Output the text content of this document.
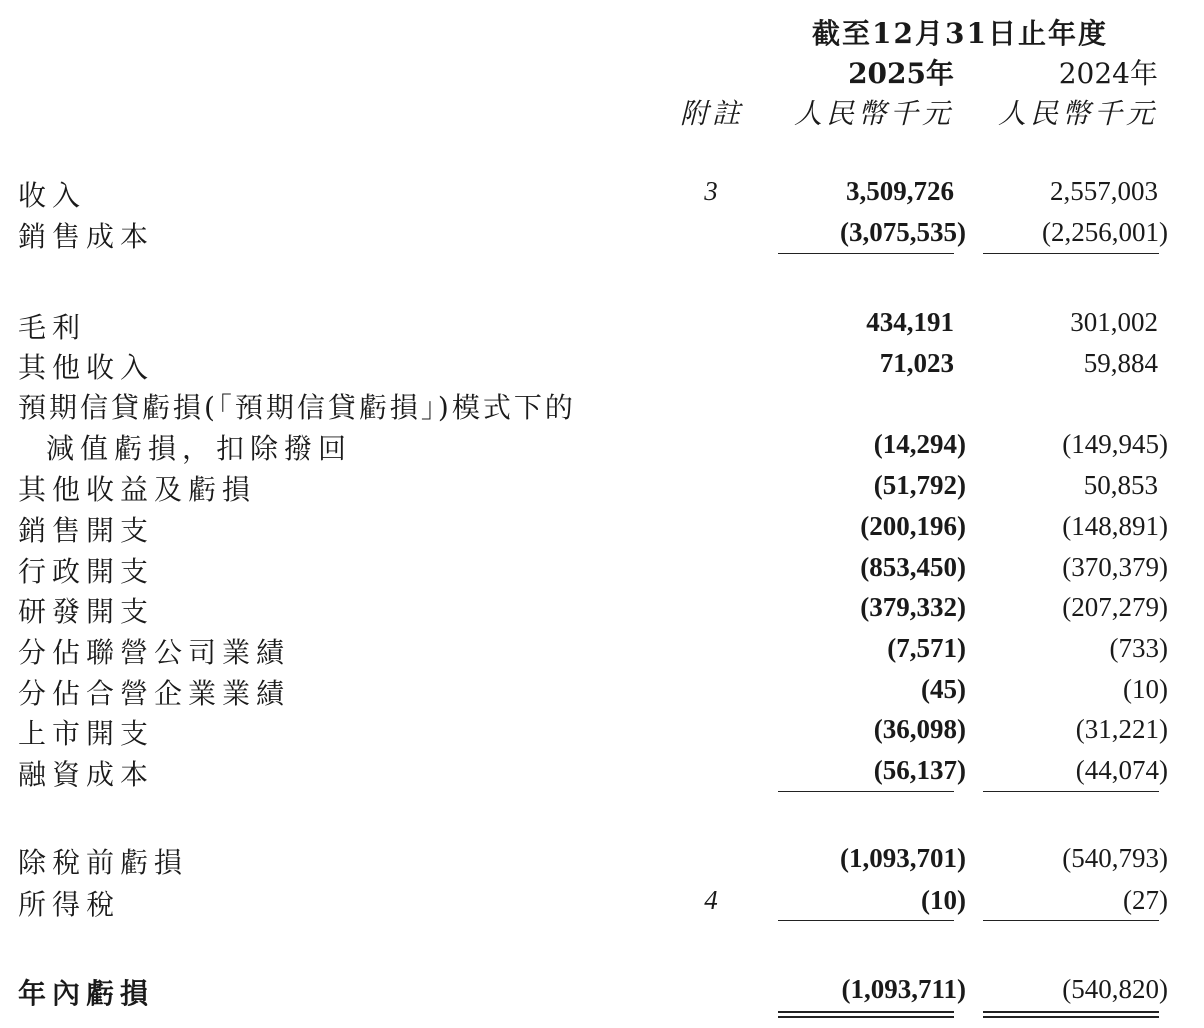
截至12月31日止年度
2025年	2024年
附註 人民幣千元 人民幣千元
收入	3	3,509,726	2,557,003
銷售成本	(3,075,535)	(2,256,001)
毛利	434,191	301,002
其他收入	71,023	59,884
預期信貸虧損(「預期信貸虧損」)模式下的
減值虧損，扣除撥回	(14,294)	(149,945)
其他收益及虧損	(51,792)	50,853
銷售開支	(200,196)	(148,891)
行政開支	(853,450)	(370,379)
研發開支	(379,332)	(207,279)
分佔聯營公司業績	(7,571)	(733)
分佔合營企業業績	(45)	(10)
上市開支	(36,098)	(31,221)
融資成本	(56,137)	(44,074)
除稅前虧損	(1,093,701)	(540,793)
所得稅	4	(10)	(27)
年內虧損	(1,093,711)	(540,820)
